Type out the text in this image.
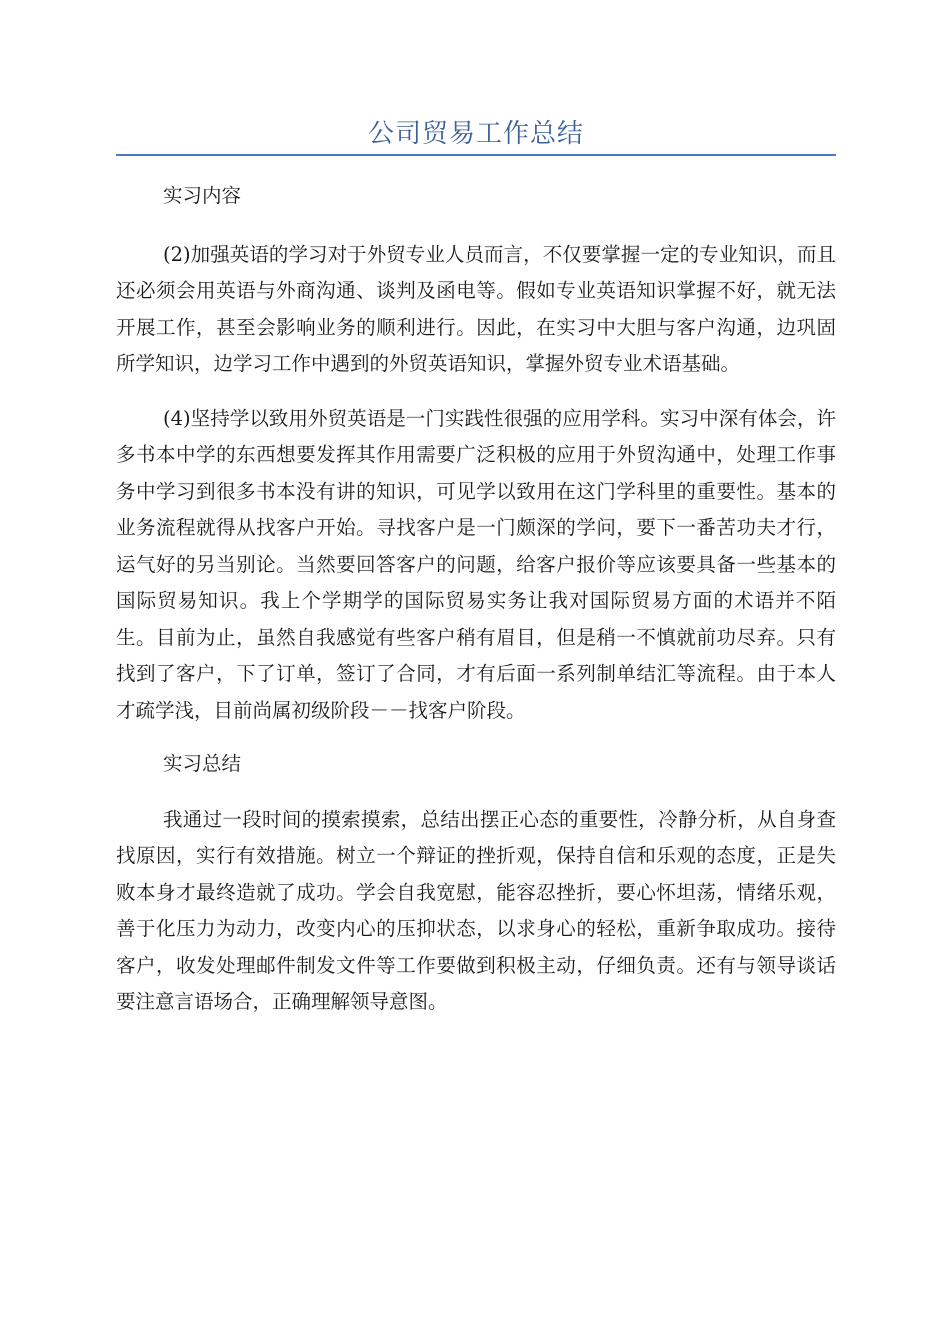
公司贸易工作总结

实习内容

(2)加强英语的学习对于外贸专业人员而言，不仅要掌握一定的专业知识，而且还必须会用英语与外商沟通、谈判及函电等。假如专业英语知识掌握不好，就无法开展工作，甚至会影响业务的顺利进行。因此，在实习中大胆与客户沟通，边巩固所学知识，边学习工作中遇到的外贸英语知识，掌握外贸专业术语基础。

(4)坚持学以致用外贸英语是一门实践性很强的应用学科。实习中深有体会，许多书本中学的东西想要发挥其作用需要广泛积极的应用于外贸沟通中，处理工作事务中学习到很多书本没有讲的知识，可见学以致用在这门学科里的重要性。基本的业务流程就得从找客户开始。寻找客户是一门颇深的学问，要下一番苦功夫才行，运气好的另当别论。当然要回答客户的问题，给客户报价等应该要具备一些基本的国际贸易知识。我上个学期学的国际贸易实务让我对国际贸易方面的术语并不陌生。目前为止，虽然自我感觉有些客户稍有眉目，但是稍一不慎就前功尽弃。只有找到了客户，下了订单，签订了合同，才有后面一系列制单结汇等流程。由于本人才疏学浅，目前尚属初级阶段－－找客户阶段。

实习总结

我通过一段时间的摸索摸索，总结出摆正心态的重要性，冷静分析，从自身查找原因，实行有效措施。树立一个辩证的挫折观，保持自信和乐观的态度，正是失败本身才最终造就了成功。学会自我宽慰，能容忍挫折，要心怀坦荡，情绪乐观，善于化压力为动力，改变内心的压抑状态，以求身心的轻松，重新争取成功。接待客户，收发处理邮件制发文件等工作要做到积极主动，仔细负责。还有与领导谈话要注意言语场合，正确理解领导意图。
